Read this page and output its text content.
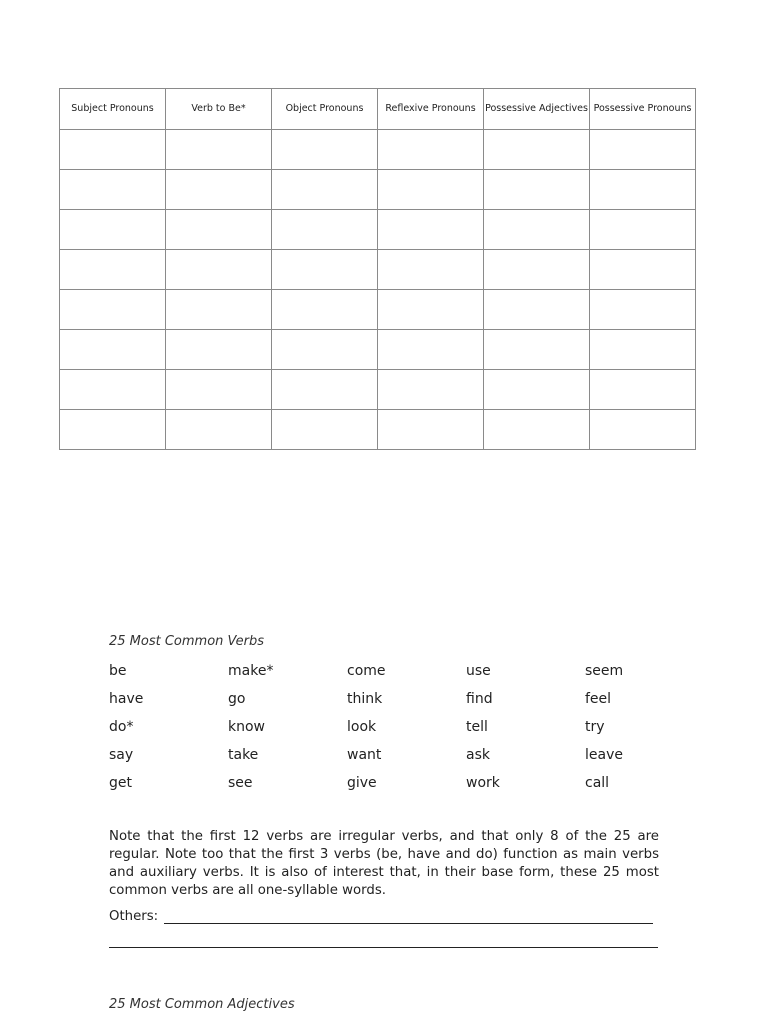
Subject Pronouns	Verb to Be*	Object Pronouns	Reflexive Pronouns	Possessive Adjectives	Possessive Pronouns

25 Most Common Verbs
be	make*	come	use	seem
have	go	think	find	feel
do*	know	look	tell	try
say	take	want	ask	leave
get	see	give	work	call

Note that the first 12 verbs are irregular verbs, and that only 8 of the 25 are regular. Note too that the first 3 verbs (be, have and do) function as main verbs and auxiliary verbs. It is also of interest that, in their base form, these 25 most common verbs are all one-syllable words.

Others:
25 Most Common Adjectives
